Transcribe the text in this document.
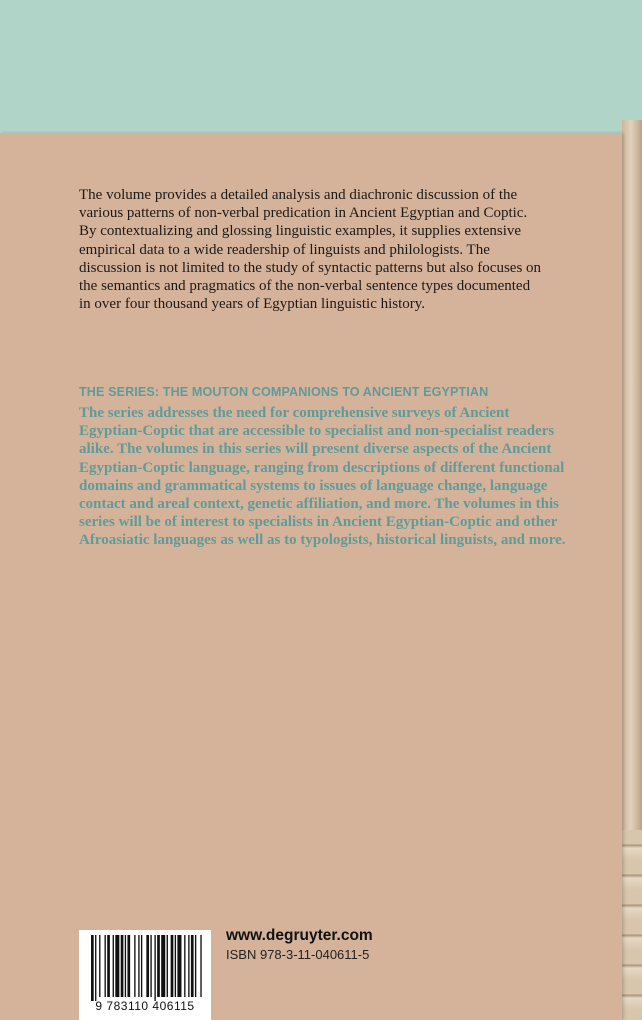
The volume provides a detailed analysis and diachronic discussion of the
various patterns of non-verbal predication in Ancient Egyptian and Coptic.
By contextualizing and glossing linguistic examples, it supplies extensive
empirical data to a wide readership of linguists and philologists. The
discussion is not limited to the study of syntactic patterns but also focuses on
the semantics and pragmatics of the non-verbal sentence types documented
in over four thousand years of Egyptian linguistic history.

THE SERIES: THE MOUTON COMPANIONS TO ANCIENT EGYPTIAN

The series addresses the need for comprehensive surveys of Ancient
Egyptian-Coptic that are accessible to specialist and non-specialist readers
alike. The volumes in this series will present diverse aspects of the Ancient
Egyptian-Coptic language, ranging from descriptions of different functional
domains and grammatical systems to issues of language change, language
contact and areal context, genetic affiliation, and more. The volumes in this
series will be of interest to specialists in Ancient Egyptian-Coptic and other
Afroasiatic languages as well as to typologists, historical linguists, and more.

9 783110 406115

www.degruyter.com

ISBN 978-3-11-040611-5
